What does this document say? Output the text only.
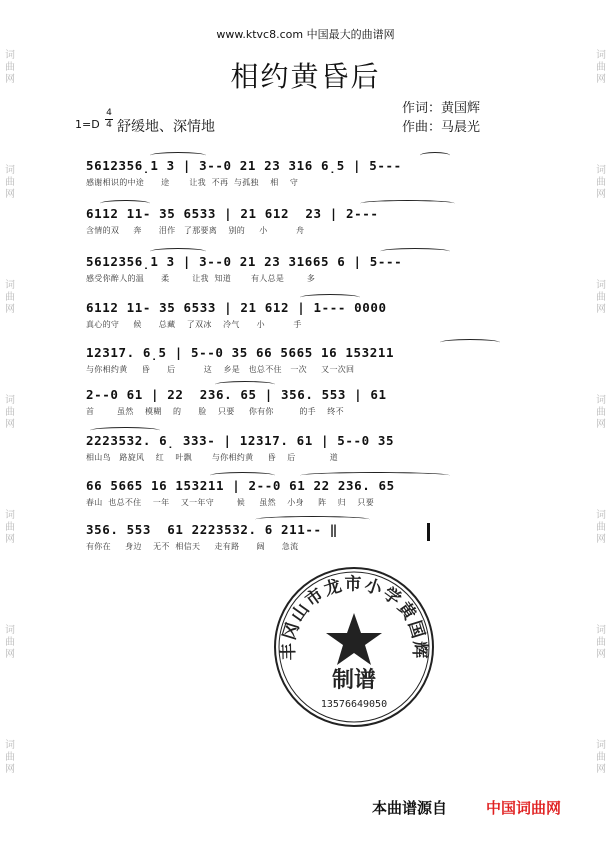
词
曲
网
词
曲
网
词
曲
网
词
曲
网
词
曲
网
词
曲
网
词
曲
网
词
曲
网
词
曲
网
词
曲
网
词
曲
网
词
曲
网
词
曲
网
词
曲
网
www.ktvc8.com 中国最大的曲谱网
相约黄昏后
1=D
4
4 舒缓地、深情地
作词：黄国辉
作曲：马晨光
5612356̣1 3 | 3--0 21 23 316 6̣5 | 5---
感谢相识的中途      途       让我  不再  与孤独    相    守
6112 11- 35 6533 | 21 612  23 | 2---
含情的双     奔      泪作   了那要离    别的     小          舟
5612356̣1 3 | 3--0 21 23 31665 6 | 5---
感受你醉人的温      柔        让我  知道       有人总是        多
6112 11- 35 6533 | 21 612 | 1--- 0000
真心的守     候      总藏    了双冰    冷气      小          手
12317. 6̣5 | 5--0 35 66 5665 16 153211
与你相约黄     昏      后          这    乡是   也总不住   一次     又一次回
2--0 61 | 22  236. 65 | 356. 553 | 61
首        虽然    模糊    的      脸    只要     你有你         的手    终不
2223532. 6̣ 333- | 12317. 61 | 5--0 35
相山鸟   路旋风    红    叶飘       与你相约黄     昏    后            道
66 5665 16 153211 | 2--0 61 22 236. 65
春山  也总不住    一年    又一年守        候     虽然    小身     阵    归    只要
356. 553  61 2223532. 6 211-- ‖
有你在     身边    无不  相信天     走有路      阔      急流
丰冈山市龙市小学黄国辉
制谱
13576649050
本曲谱源自	中国词曲网
